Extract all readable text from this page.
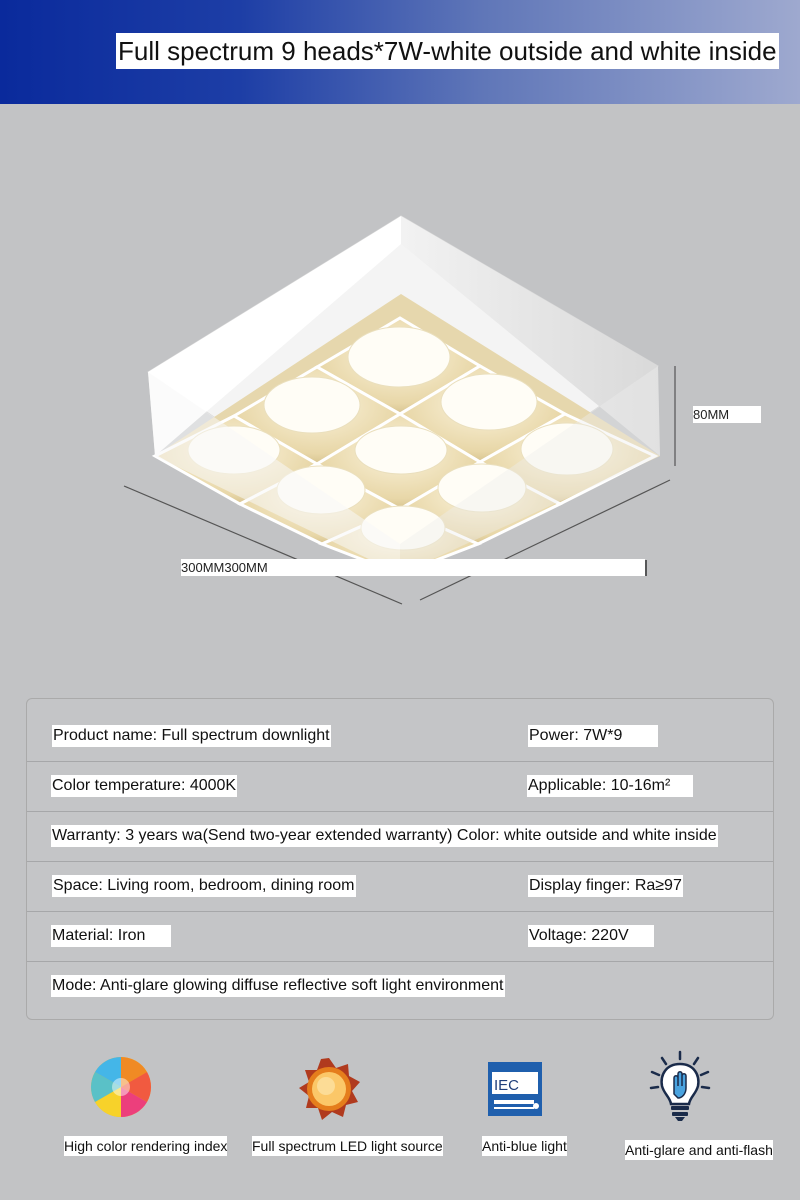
Full spectrum 9 heads*7W-white outside and white inside
80MM
300MM300MM
Product name: Full spectrum downlight	Power: 7W*9
Color temperature: 4000K	Applicable: 10-16m²
Warranty: 3 years wa(Send two-year extended warranty) Color: white outside and white inside
Space: Living room, bedroom, dining room	Display finger: Ra≥97
Material: Iron	Voltage: 220V
Mode: Anti-glare glowing diffuse reflective soft light environment
High color rendering index Full spectrum LED light source
IEC
Anti-blue light	Anti-glare and anti-flash
